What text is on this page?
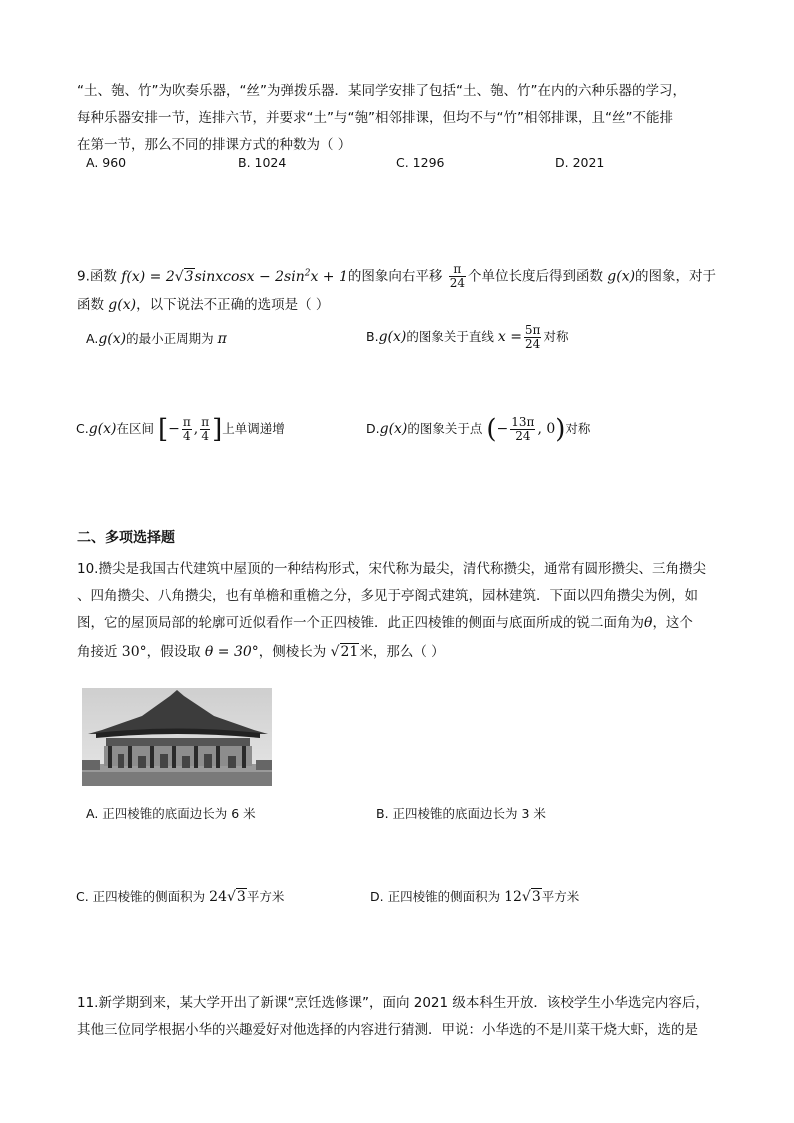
“土、匏、竹”为吹奏乐器，“丝”为弹拨乐器．某同学安排了包括“土、匏、竹”在内的六种乐器的学习，
每种乐器安排一节，连排六节，并要求“土”与“匏”相邻排课，但均不与“竹”相邻排课，且“丝”不能排
在第一节，那么不同的排课方式的种数为（ ）
A. 960	B. 1024	C. 1296	D. 2021
9.函数 f(x) = 2√3sinxcosx − $2\sin^2x + 1$的图象向右平移 $\frac{\pi}{24}$ 个单位长度后得到函数 g(x)的图象，对于
函数 g(x)，以下说法不正确的选项是（ ）
A.g(x)的最小正周期为 π	B.g(x)的图象关于直线 $x = \frac{5\pi}{24}$ 对称
C.g(x)在区间 [− $\frac{\pi}{4}$ , $\frac{\pi}{4}$ ]上单调递增	D.g(x)的图象关于点 (− $\frac{13\pi}{24}$ , 0)对称
二、多项选择题
10.攒尖是我国古代建筑中屋顶的一种结构形式，宋代称为最尖，清代称攒尖，通常有圆形攒尖、三角攒尖
、四角攒尖、八角攒尖，也有单檐和重檐之分，多见于亭阁式建筑，园林建筑．下面以四角攒尖为例，如
图，它的屋顶局部的轮廓可近似看作一个正四棱锥．此正四棱锥的侧面与底面所成的锐二面角为θ，这个
角接近 30°，假设取 θ = 30°，侧棱长为 √21米，那么（ ）
A. 正四棱锥的底面边长为 6 米	B. 正四棱锥的底面边长为 3 米
C. 正四棱锥的侧面积为 24√3平方米	D. 正四棱锥的侧面积为 12√3平方米
11.新学期到来，某大学开出了新课“烹饪选修课”，面向 2021 级本科生开放．该校学生小华选完内容后，
其他三位同学根据小华的兴趣爱好对他选择的内容进行猜测．甲说：小华选的不是川菜干烧大虾，选的是
